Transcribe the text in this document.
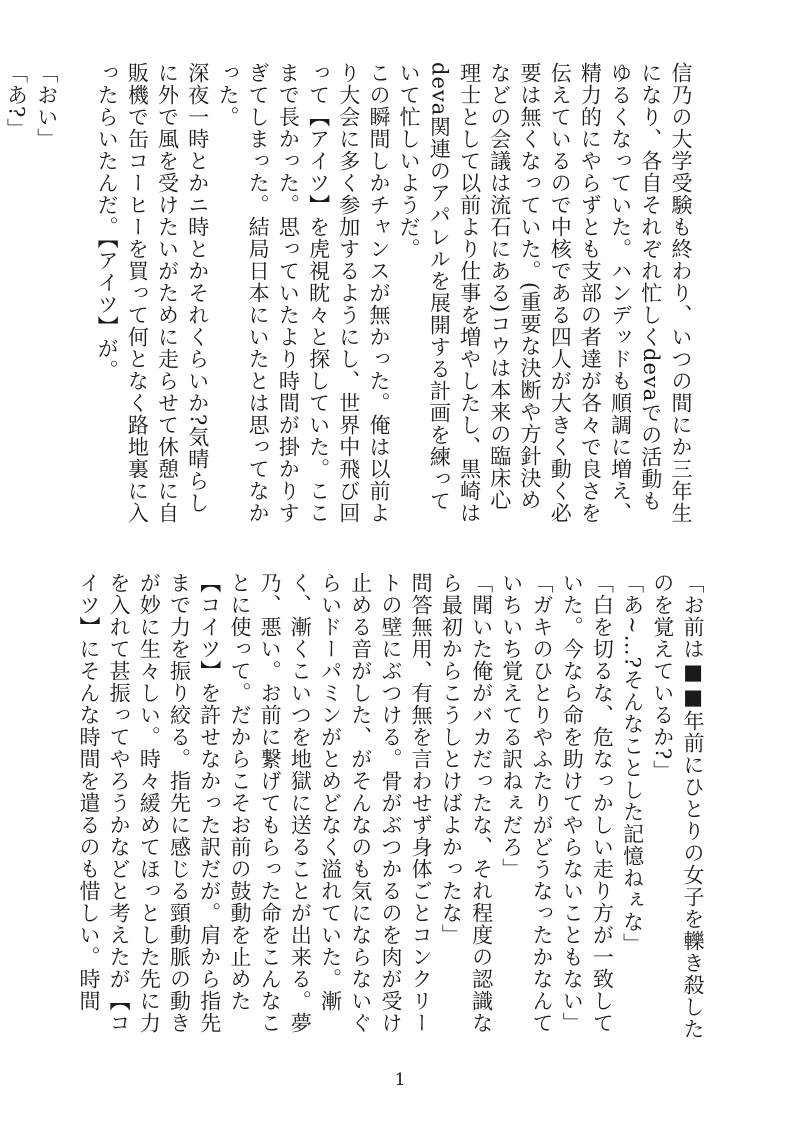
信乃の大学受験も終わり、いつの間にか三年生になり、各自それぞれ忙しくdevaでの活動もゆるくなっていた。ハンデッドも順調に増え、精力的にやらずとも支部の者達が各々で良さを伝えているので中核である四人が大きく動く必要は無くなっていた。(重要な決断や方針決めなどの会議は流石にある)コウは本来の臨床心理士として以前より仕事を増やしたし、黒崎はdeva関連のアパレルを展開する計画を練っていて忙しいようだ。
この瞬間しかチャンスが無かった。俺は以前より大会に多く参加するようにし、世界中飛び回って【アイツ】を虎視眈々と探していた。ここまで長かった。思っていたより時間が掛かりすぎてしまった。結局日本にいたとは思ってなかった。
深夜一時とかニ時とかそれくらいか?気晴らしに外で風を受けたいがために走らせて休憩に自販機で缶コーヒーを買って何となく路地裏に入ったらいたんだ。【アイツ】が。
「おい」
「あ?」
「お前は■■年前にひとりの女子を轢き殺したのを覚えているか?」
「あ~…?そんなことした記憶ねぇな」
「白を切るな、危なっかしい走り方が一致していた。今なら命を助けてやらないこともない」
「ガキのひとりやふたりがどうなったかなんていちいち覚えてる訳ねぇだろ」
「聞いた俺がバカだったな、それ程度の認識なら最初からこうしとけばよかったな」
問答無用、有無を言わせず身体ごとコンクリートの壁にぶつける。骨がぶつかるのを肉が受け止める音がした、がそんなのも気にならないぐらいドーパミンがとめどなく溢れていた。漸く、漸くこいつを地獄に送ることが出来る。夢乃、悪い。お前に繋げてもらった命をこんなことに使って。だからこそお前の鼓動を止めた【コイツ】を許せなかった訳だが。肩から指先まで力を振り絞る。指先に感じる頸動脈の動きが妙に生々しい。時々緩めてほっとした先に力を入れて甚振ってやろうかなどと考えたが【コイツ】にそんな時間を遣るのも惜しい。時間
1
